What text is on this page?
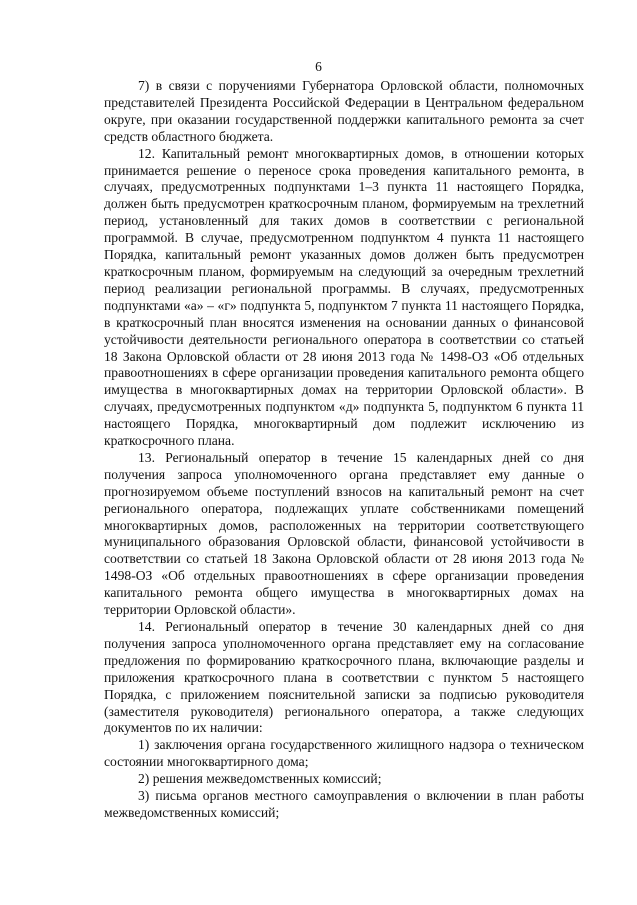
6

7) в связи с поручениями Губернатора Орловской области, полномочных представителей Президента Российской Федерации в Центральном федеральном округе, при оказании государственной поддержки капитального ремонта за счет средств областного бюджета.

12. Капитальный ремонт многоквартирных домов, в отношении которых принимается решение о переносе срока проведения капитального ремонта, в случаях, предусмотренных подпунктами 1–3 пункта 11 настоящего Порядка, должен быть предусмотрен краткосрочным планом, формируемым на трехлетний период, установленный для таких домов в соответствии с региональной программой. В случае, предусмотренном подпунктом 4 пункта 11 настоящего Порядка, капитальный ремонт указанных домов должен быть предусмотрен краткосрочным планом, формируемым на следующий за очередным трехлетний период реализации региональной программы. В случаях, предусмотренных подпунктами «а» – «г» подпункта 5, подпунктом 7 пункта 11 настоящего Порядка, в краткосрочный план вносятся изменения на основании данных о финансовой устойчивости деятельности регионального оператора в соответствии со статьей 18 Закона Орловской области от 28 июня 2013 года № 1498-ОЗ «Об отдельных правоотношениях в сфере организации проведения капитального ремонта общего имущества в многоквартирных домах на территории Орловской области». В случаях, предусмотренных подпунктом «д» подпункта 5, подпунктом 6 пункта 11 настоящего Порядка, многоквартирный дом подлежит исключению из краткосрочного плана.

13. Региональный оператор в течение 15 календарных дней со дня получения запроса уполномоченного органа представляет ему данные о прогнозируемом объеме поступлений взносов на капитальный ремонт на счет регионального оператора, подлежащих уплате собственниками помещений многоквартирных домов, расположенных на территории соответствующего муниципального образования Орловской области, финансовой устойчивости в соответствии со статьей 18 Закона Орловской области от 28 июня 2013 года № 1498-ОЗ «Об отдельных правоотношениях в сфере организации проведения капитального ремонта общего имущества в многоквартирных домах на территории Орловской области».

14. Региональный оператор в течение 30 календарных дней со дня получения запроса уполномоченного органа представляет ему на согласование предложения по формированию краткосрочного плана, включающие разделы и приложения краткосрочного плана в соответствии с пунктом 5 настоящего Порядка, с приложением пояснительной записки за подписью руководителя (заместителя руководителя) регионального оператора, а также следующих документов по их наличии:

1) заключения органа государственного жилищного надзора о техническом состоянии многоквартирного дома;

2) решения межведомственных комиссий;

3) письма органов местного самоуправления о включении в план работы межведомственных комиссий;
